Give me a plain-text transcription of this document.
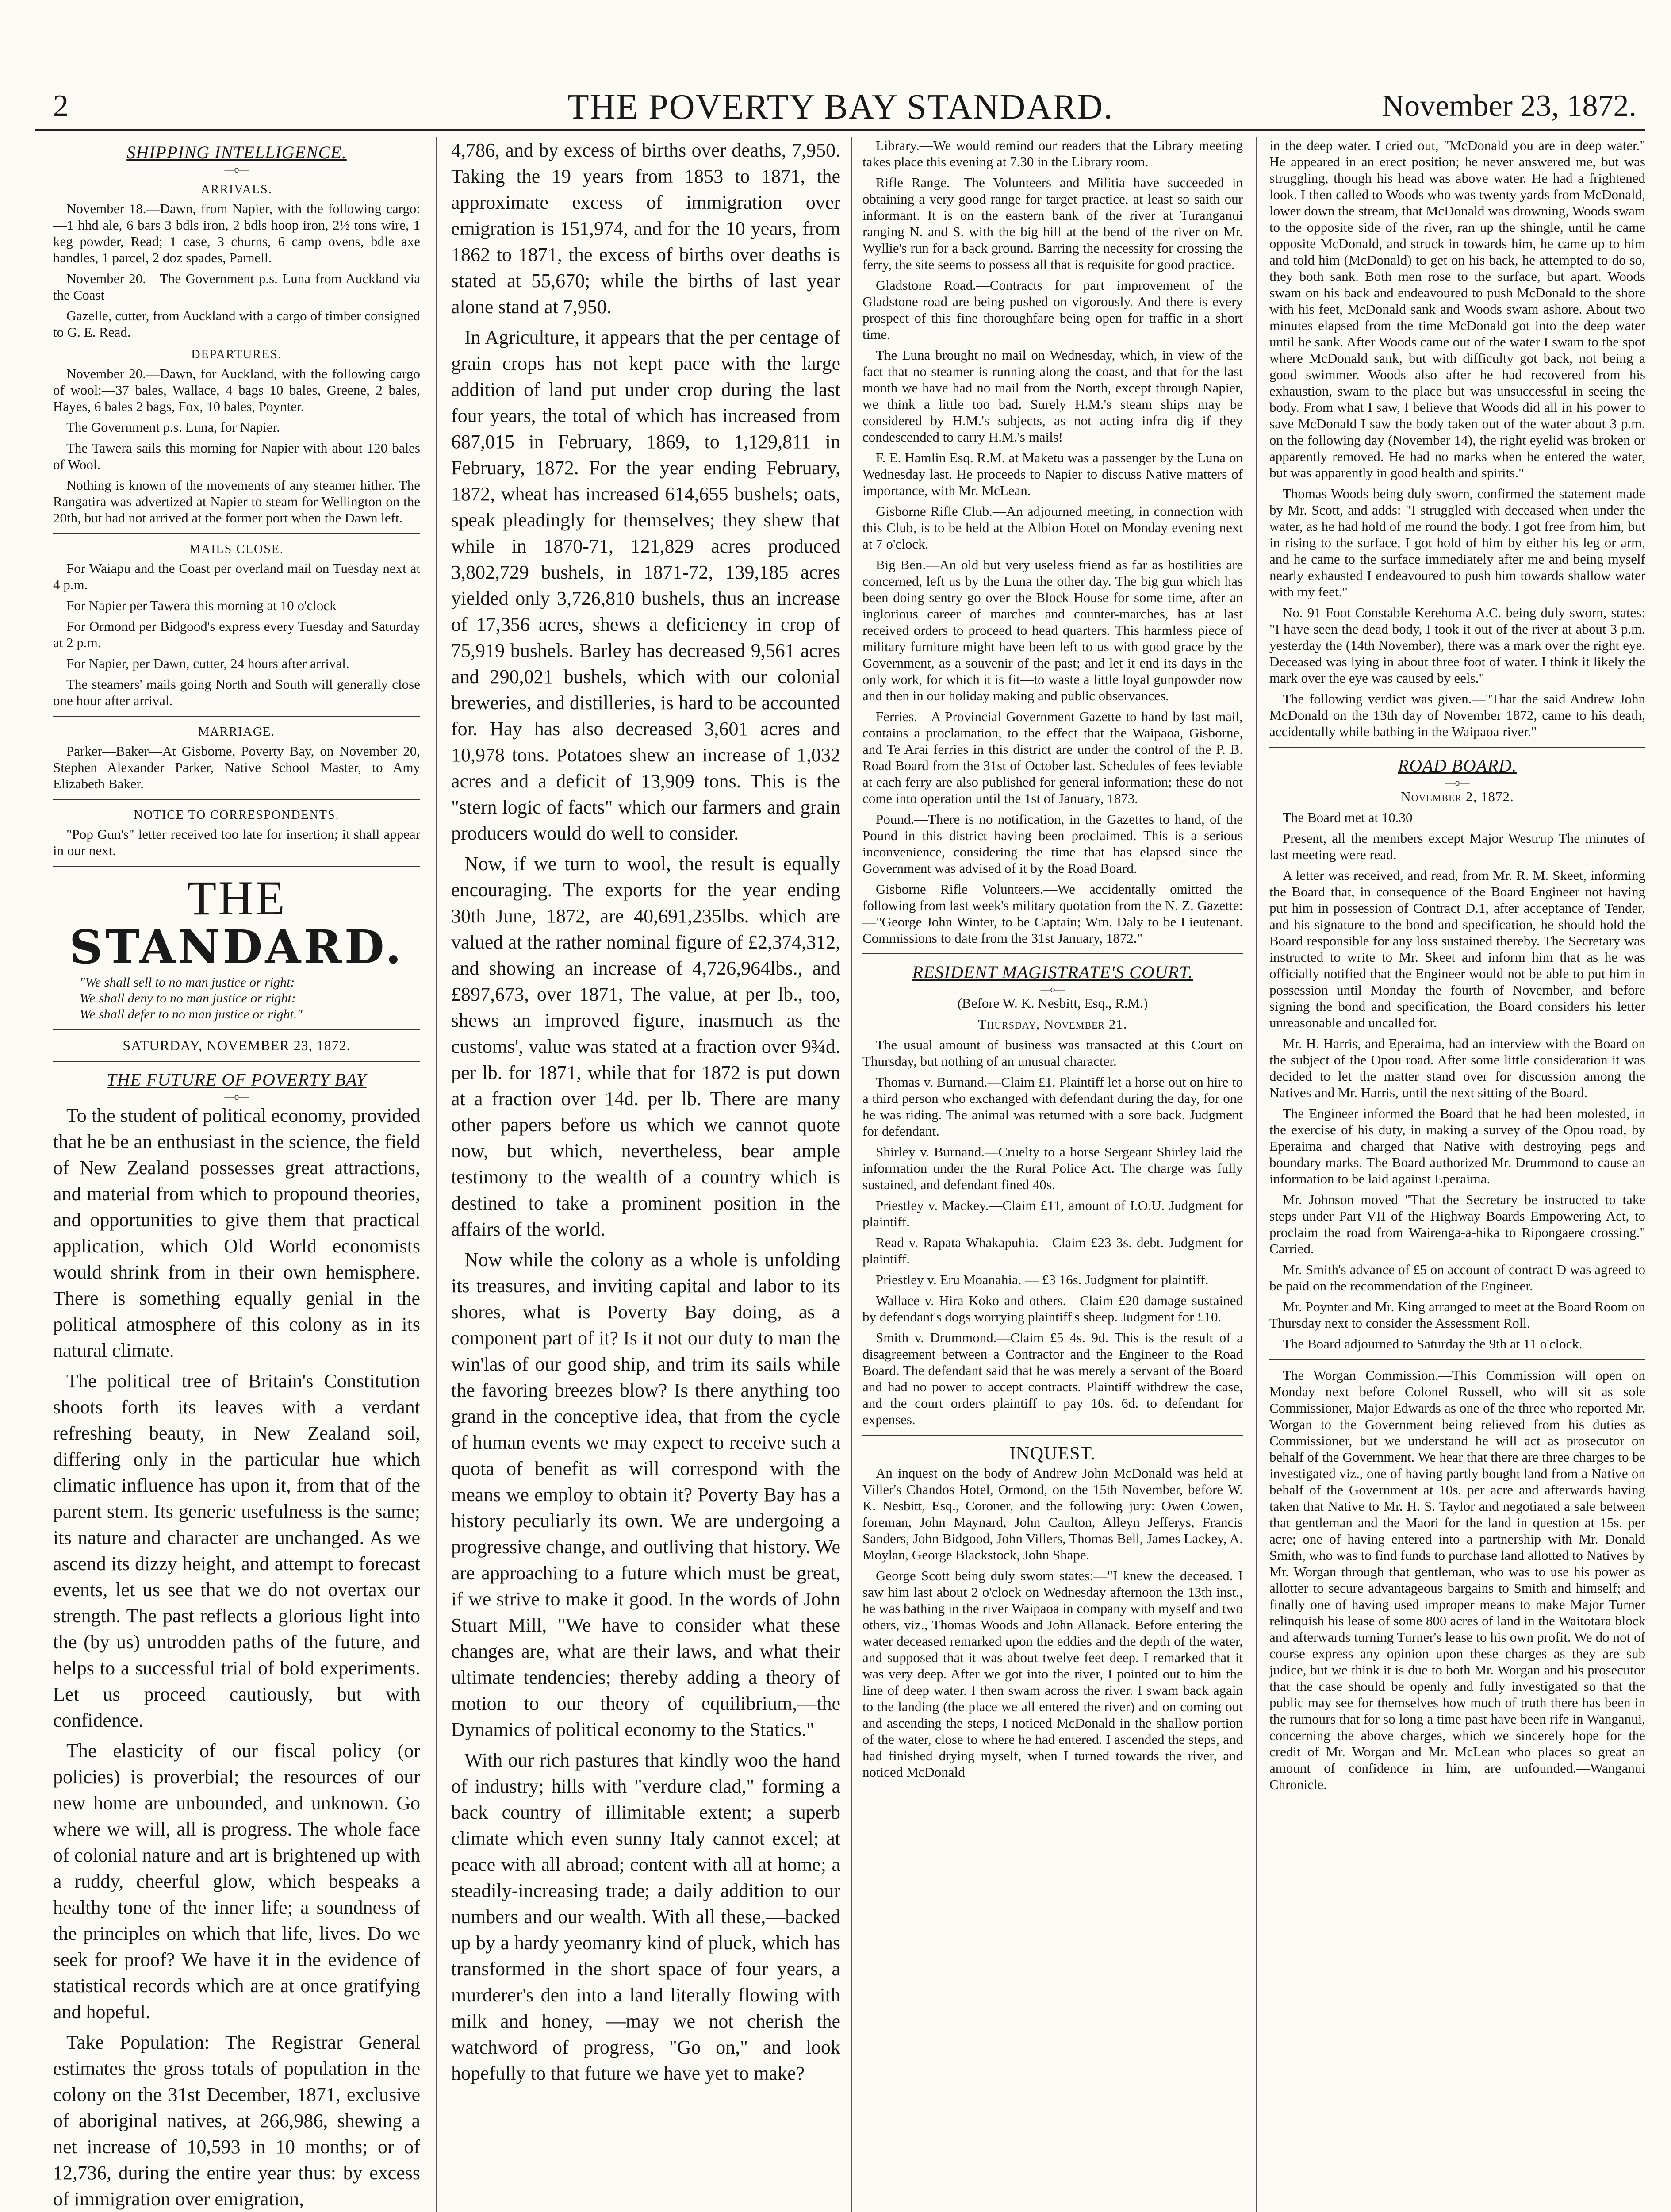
2	THE POVERTY BAY STANDARD.	November 23, 1872.
SHIPPING INTELLIGENCE.
—o—
ARRIVALS.

November 18.—Dawn, from Napier, with the following cargo:—1 hhd ale, 6 bars 3 bdls iron, 2 bdls hoop iron, 2½ tons wire, 1 keg powder, Read; 1 case, 3 churns, 6 camp ovens, bdle axe handles, 1 parcel, 2 doz spades, Parnell.

November 20.—The Government p.s. Luna from Auckland via the Coast

Gazelle, cutter, from Auckland with a cargo of timber consigned to G. E. Read.

DEPARTURES.

November 20.—Dawn, for Auckland, with the following cargo of wool:—37 bales, Wallace, 4 bags 10 bales, Greene, 2 bales, Hayes, 6 bales 2 bags, Fox, 10 bales, Poynter.

The Government p.s. Luna, for Napier.

The Tawera sails this morning for Napier with about 120 bales of Wool.

Nothing is known of the movements of any steamer hither. The Rangatira was advertized at Napier to steam for Wellington on the 20th, but had not arrived at the former port when the Dawn left.

MAILS CLOSE.

For Waiapu and the Coast per overland mail on Tuesday next at 4 p.m.

For Napier per Tawera this morning at 10 o'clock

For Ormond per Bidgood's express every Tuesday and Saturday at 2 p.m.

For Napier, per Dawn, cutter, 24 hours after arrival.

The steamers' mails going North and South will generally close one hour after arrival.

MARRIAGE.

Parker—Baker—At Gisborne, Poverty Bay, on November 20, Stephen Alexander Parker, Native School Master, to Amy Elizabeth Baker.

NOTICE TO CORRESPONDENTS.

"Pop Gun's" letter received too late for insertion; it shall appear in our next.

THE
STANDARD.
"We shall sell to no man justice or right:
We shall deny to no man justice or right:
We shall defer to no man justice or right."
SATURDAY, NOVEMBER 23, 1872.
THE FUTURE OF POVERTY BAY
—o—

To the student of political economy, provided that he be an enthusiast in the science, the field of New Zealand possesses great attractions, and material from which to propound theories, and opportunities to give them that practical application, which Old World economists would shrink from in their own hemisphere. There is something equally genial in the political atmosphere of this colony as in its natural climate.

The political tree of Britain's Constitution shoots forth its leaves with a verdant refreshing beauty, in New Zealand soil, differing only in the particular hue which climatic influence has upon it, from that of the parent stem. Its generic usefulness is the same; its nature and character are unchanged. As we ascend its dizzy height, and attempt to forecast events, let us see that we do not overtax our strength. The past reflects a glorious light into the (by us) untrodden paths of the future, and helps to a successful trial of bold experiments. Let us proceed cautiously, but with confidence.

The elasticity of our fiscal policy (or policies) is proverbial; the resources of our new home are unbounded, and unknown. Go where we will, all is progress. The whole face of colonial nature and art is brightened up with a ruddy, cheerful glow, which bespeaks a healthy tone of the inner life; a soundness of the principles on which that life, lives. Do we seek for proof? We have it in the evidence of statistical records which are at once gratifying and hopeful.

Take Population: The Registrar General estimates the gross totals of population in the colony on the 31st December, 1871, exclusive of aboriginal natives, at 266,986, shewing a net increase of 10,593 in 10 months; or of 12,736, during the entire year thus: by excess of immigration over emigration,

4,786, and by excess of births over deaths, 7,950. Taking the 19 years from 1853 to 1871, the approximate excess of immigration over emigration is 151,974, and for the 10 years, from 1862 to 1871, the excess of births over deaths is stated at 55,670; while the births of last year alone stand at 7,950.

In Agriculture, it appears that the per centage of grain crops has not kept pace with the large addition of land put under crop during the last four years, the total of which has increased from 687,015 in February, 1869, to 1,129,811 in February, 1872. For the year ending February, 1872, wheat has increased 614,655 bushels; oats, speak pleadingly for themselves; they shew that while in 1870-71, 121,829 acres produced 3,802,729 bushels, in 1871-72, 139,185 acres yielded only 3,726,810 bushels, thus an increase of 17,356 acres, shews a deficiency in crop of 75,919 bushels. Barley has decreased 9,561 acres and 290,021 bushels, which with our colonial breweries, and distilleries, is hard to be accounted for. Hay has also decreased 3,601 acres and 10,978 tons. Potatoes shew an increase of 1,032 acres and a deficit of 13,909 tons. This is the "stern logic of facts" which our farmers and grain producers would do well to consider.

Now, if we turn to wool, the result is equally encouraging. The exports for the year ending 30th June, 1872, are 40,691,235lbs. which are valued at the rather nominal figure of £2,374,312, and showing an increase of 4,726,964lbs., and £897,673, over 1871, The value, at per lb., too, shews an improved figure, inasmuch as the customs', value was stated at a fraction over 9¾d. per lb. for 1871, while that for 1872 is put down at a fraction over 14d. per lb. There are many other papers before us which we cannot quote now, but which, nevertheless, bear ample testimony to the wealth of a country which is destined to take a prominent position in the affairs of the world.

Now while the colony as a whole is unfolding its treasures, and inviting capital and labor to its shores, what is Poverty Bay doing, as a component part of it? Is it not our duty to man the win'las of our good ship, and trim its sails while the favoring breezes blow? Is there anything too grand in the conceptive idea, that from the cycle of human events we may expect to receive such a quota of benefit as will correspond with the means we employ to obtain it? Poverty Bay has a history peculiarly its own. We are undergoing a progressive change, and outliving that history. We are approaching to a future which must be great, if we strive to make it good. In the words of John Stuart Mill, "We have to consider what these changes are, what are their laws, and what their ultimate tendencies; thereby adding a theory of motion to our theory of equilibrium,—the Dynamics of political economy to the Statics."

With our rich pastures that kindly woo the hand of industry; hills with "verdure clad," forming a back country of illimitable extent; a superb climate which even sunny Italy cannot excel; at peace with all abroad; content with all at home; a steadily-increasing trade; a daily addition to our numbers and our wealth. With all these,—backed up by a hardy yeomanry kind of pluck, which has transformed in the short space of four years, a murderer's den into a land literally flowing with milk and honey, —may we not cherish the watchword of progress, "Go on," and look hopefully to that future we have yet to make?

Library.—We would remind our readers that the Library meeting takes place this evening at 7.30 in the Library room.

Rifle Range.—The Volunteers and Militia have succeeded in obtaining a very good range for target practice, at least so saith our informant. It is on the eastern bank of the river at Turanganui ranging N. and S. with the big hill at the bend of the river on Mr. Wyllie's run for a back ground. Barring the necessity for crossing the ferry, the site seems to possess all that is requisite for good practice.

Gladstone Road.—Contracts for part improvement of the Gladstone road are being pushed on vigorously. And there is every prospect of this fine thoroughfare being open for traffic in a short time.

The Luna brought no mail on Wednesday, which, in view of the fact that no steamer is running along the coast, and that for the last month we have had no mail from the North, except through Napier, we think a little too bad. Surely H.M.'s steam ships may be considered by H.M.'s subjects, as not acting infra dig if they condescended to carry H.M.'s mails!

F. E. Hamlin Esq. R.M. at Maketu was a passenger by the Luna on Wednesday last. He proceeds to Napier to discuss Native matters of importance, with Mr. McLean.

Gisborne Rifle Club.—An adjourned meeting, in connection with this Club, is to be held at the Albion Hotel on Monday evening next at 7 o'clock.

Big Ben.—An old but very useless friend as far as hostilities are concerned, left us by the Luna the other day. The big gun which has been doing sentry go over the Block House for some time, after an inglorious career of marches and counter-marches, has at last received orders to proceed to head quarters. This harmless piece of military furniture might have been left to us with good grace by the Government, as a souvenir of the past; and let it end its days in the only work, for which it is fit—to waste a little loyal gunpowder now and then in our holiday making and public observances.

Ferries.—A Provincial Government Gazette to hand by last mail, contains a proclamation, to the effect that the Waipaoa, Gisborne, and Te Arai ferries in this district are under the control of the P. B. Road Board from the 31st of October last. Schedules of fees leviable at each ferry are also published for general information; these do not come into operation until the 1st of January, 1873.

Pound.—There is no notification, in the Gazettes to hand, of the Pound in this district having been proclaimed. This is a serious inconvenience, considering the time that has elapsed since the Government was advised of it by the Road Board.

Gisborne Rifle Volunteers.—We accidentally omitted the following from last week's military quotation from the N. Z. Gazette:—"George John Winter, to be Captain; Wm. Daly to be Lieutenant. Commissions to date from the 31st January, 1872."

RESIDENT MAGISTRATE'S COURT.
—o—

(Before W. K. Nesbitt, Esq., R.M.)

Thursday, November 21.

The usual amount of business was transacted at this Court on Thursday, but nothing of an unusual character.

Thomas v. Burnand.—Claim £1. Plaintiff let a horse out on hire to a third person who exchanged with defendant during the day, for one he was riding. The animal was returned with a sore back. Judgment for defendant.

Shirley v. Burnand.—Cruelty to a horse Sergeant Shirley laid the information under the the Rural Police Act. The charge was fully sustained, and defendant fined 40s.

Priestley v. Mackey.—Claim £11, amount of I.O.U. Judgment for plaintiff.

Read v. Rapata Whakapuhia.—Claim £23 3s. debt. Judgment for plaintiff.

Priestley v. Eru Moanahia. — £3 16s. Judgment for plaintiff.

Wallace v. Hira Koko and others.—Claim £20 damage sustained by defendant's dogs worrying plaintiff's sheep. Judgment for £10.

Smith v. Drummond.—Claim £5 4s. 9d. This is the result of a disagreement between a Contractor and the Engineer to the Road Board. The defendant said that he was merely a servant of the Board and had no power to accept contracts. Plaintiff withdrew the case, and the court orders plaintiff to pay 10s. 6d. to defendant for expenses.

INQUEST.

An inquest on the body of Andrew John McDonald was held at Viller's Chandos Hotel, Ormond, on the 15th November, before W. K. Nesbitt, Esq., Coroner, and the following jury: Owen Cowen, foreman, John Maynard, John Caulton, Alleyn Jefferys, Francis Sanders, John Bidgood, John Villers, Thomas Bell, James Lackey, A. Moylan, George Blackstock, John Shape.

George Scott being duly sworn states:—"I knew the deceased. I saw him last about 2 o'clock on Wednesday afternoon the 13th inst., he was bathing in the river Waipaoa in company with myself and two others, viz., Thomas Woods and John Allanack. Before entering the water deceased remarked upon the eddies and the depth of the water, and supposed that it was about twelve feet deep. I remarked that it was very deep. After we got into the river, I pointed out to him the line of deep water. I then swam across the river. I swam back again to the landing (the place we all entered the river) and on coming out and ascending the steps, I noticed McDonald in the shallow portion of the water, close to where he had entered. I ascended the steps, and had finished drying myself, when I turned towards the river, and noticed McDonald

in the deep water. I cried out, "McDonald you are in deep water." He appeared in an erect position; he never answered me, but was struggling, though his head was above water. He had a frightened look. I then called to Woods who was twenty yards from McDonald, lower down the stream, that McDonald was drowning, Woods swam to the opposite side of the river, ran up the shingle, until he came opposite McDonald, and struck in towards him, he came up to him and told him (McDonald) to get on his back, he attempted to do so, they both sank. Both men rose to the surface, but apart. Woods swam on his back and endeavoured to push McDonald to the shore with his feet, McDonald sank and Woods swam ashore. About two minutes elapsed from the time McDonald got into the deep water until he sank. After Woods came out of the water I swam to the spot where McDonald sank, but with difficulty got back, not being a good swimmer. Woods also after he had recovered from his exhaustion, swam to the place but was unsuccessful in seeing the body. From what I saw, I believe that Woods did all in his power to save McDonald I saw the body taken out of the water about 3 p.m. on the following day (November 14), the right eyelid was broken or apparently removed. He had no marks when he entered the water, but was apparently in good health and spirits."

Thomas Woods being duly sworn, confirmed the statement made by Mr. Scott, and adds: "I struggled with deceased when under the water, as he had hold of me round the body. I got free from him, but in rising to the surface, I got hold of him by either his leg or arm, and he came to the surface immediately after me and being myself nearly exhausted I endeavoured to push him towards shallow water with my feet."

No. 91 Foot Constable Kerehoma A.C. being duly sworn, states: "I have seen the dead body, I took it out of the river at about 3 p.m. yesterday the (14th November), there was a mark over the right eye. Deceased was lying in about three foot of water. I think it likely the mark over the eye was caused by eels."

The following verdict was given.—"That the said Andrew John McDonald on the 13th day of November 1872, came to his death, accidentally while bathing in the Waipaoa river."

ROAD BOARD.
—o—

November 2, 1872.

The Board met at 10.30

Present, all the members except Major Westrup The minutes of last meeting were read.

A letter was received, and read, from Mr. R. M. Skeet, informing the Board that, in consequence of the Board Engineer not having put him in possession of Contract D.1, after acceptance of Tender, and his signature to the bond and specification, he should hold the Board responsible for any loss sustained thereby. The Secretary was instructed to write to Mr. Skeet and inform him that as he was officially notified that the Engineer would not be able to put him in possession until Monday the fourth of November, and before signing the bond and specification, the Board considers his letter unreasonable and uncalled for.

Mr. H. Harris, and Eperaima, had an interview with the Board on the subject of the Opou road. After some little consideration it was decided to let the matter stand over for discussion among the Natives and Mr. Harris, until the next sitting of the Board.

The Engineer informed the Board that he had been molested, in the exercise of his duty, in making a survey of the Opou road, by Eperaima and charged that Native with destroying pegs and boundary marks. The Board authorized Mr. Drummond to cause an information to be laid against Eperaima.

Mr. Johnson moved "That the Secretary be instructed to take steps under Part VII of the Highway Boards Empowering Act, to proclaim the road from Wairenga-a-hika to Ripongaere crossing." Carried.

Mr. Smith's advance of £5 on account of contract D was agreed to be paid on the recommendation of the Engineer.

Mr. Poynter and Mr. King arranged to meet at the Board Room on Thursday next to consider the Assessment Roll.

The Board adjourned to Saturday the 9th at 11 o'clock.

The Worgan Commission.—This Commission will open on Monday next before Colonel Russell, who will sit as sole Commissioner, Major Edwards as one of the three who reported Mr. Worgan to the Government being relieved from his duties as Commissioner, but we understand he will act as prosecutor on behalf of the Government. We hear that there are three charges to be investigated viz., one of having partly bought land from a Native on behalf of the Government at 10s. per acre and afterwards having taken that Native to Mr. H. S. Taylor and negotiated a sale between that gentleman and the Maori for the land in question at 15s. per acre; one of having entered into a partnership with Mr. Donald Smith, who was to find funds to purchase land allotted to Natives by Mr. Worgan through that gentleman, who was to use his power as allotter to secure advantageous bargains to Smith and himself; and finally one of having used improper means to make Major Turner relinquish his lease of some 800 acres of land in the Waitotara block and afterwards turning Turner's lease to his own profit. We do not of course express any opinion upon these charges as they are sub judice, but we think it is due to both Mr. Worgan and his prosecutor that the case should be openly and fully investigated so that the public may see for themselves how much of truth there has been in the rumours that for so long a time past have been rife in Wanganui, concerning the above charges, which we sincerely hope for the credit of Mr. Worgan and Mr. McLean who places so great an amount of confidence in him, are unfounded.—Wanganui Chronicle.
